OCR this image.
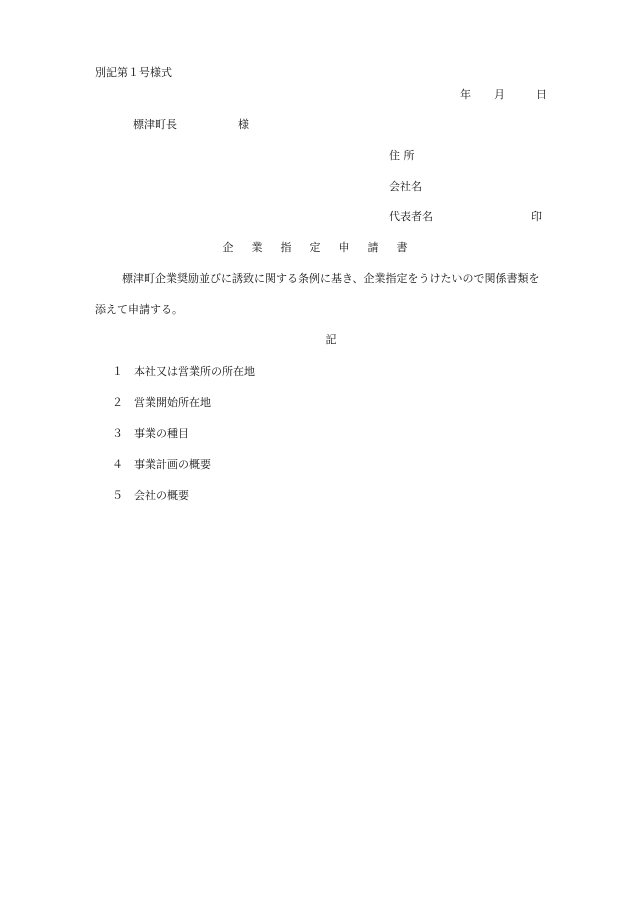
別記第１号様式
年 月	日
標津町長	様
住 所
会社名
代表者名	印
企 業 指 定 申 請 書
標津町企業奨励並びに誘致に関する条例に基き、企業指定をうけたいので関係書類を
添えて申請する。
記
１ 本社又は営業所の所在地
２ 営業開始所在地
３ 事業の種目
４ 事業計画の概要
５ 会社の概要
